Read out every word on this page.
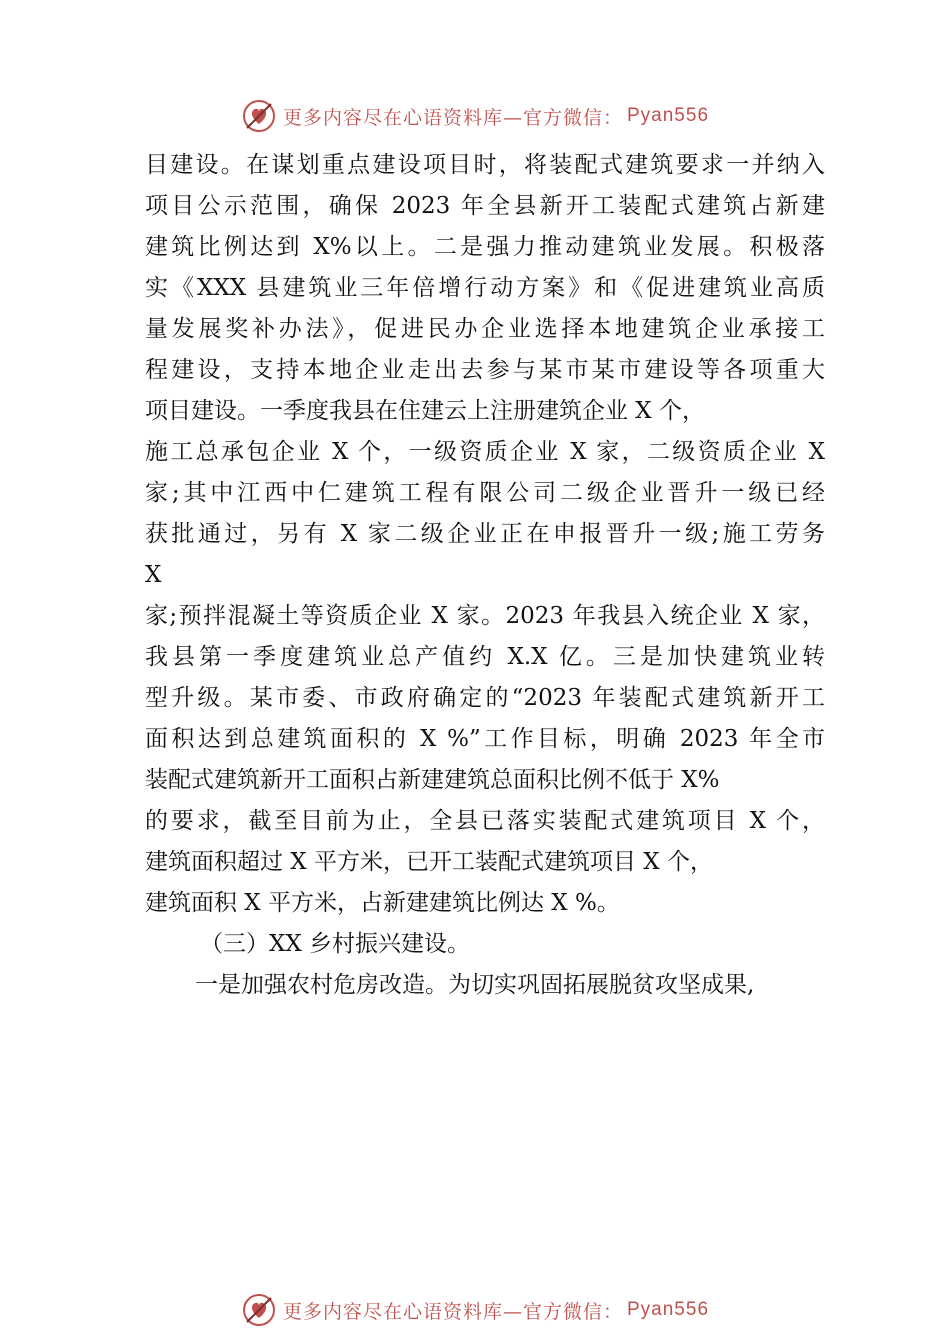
更多内容尽在心语资料库—官方微信： Pyan556
目建设。在谋划重点建设项目时，将装配式建筑要求一并纳入
项目公示范围，确保 2023 年全县新开工装配式建筑占新建
建筑比例达到 X%以上。二是强力推动建筑业发展。积极落
实《XXX 县建筑业三年倍增行动方案》和《促进建筑业高质
量发展奖补办法》，促进民办企业选择本地建筑企业承接工
程建设，支持本地企业走出去参与某市某市建设等各项重大
项目建设。一季度我县在住建云上注册建筑企业 X 个，
施工总承包企业 X 个，一级资质企业 X 家，二级资质企业 X
家;其中江西中仁建筑工程有限公司二级企业晋升一级已经
获批通过，另有 X 家二级企业正在申报晋升一级;施工劳务
X
家;预拌混凝土等资质企业 X 家。2023 年我县入统企业 X 家，
我县第一季度建筑业总产值约 X.X 亿。三是加快建筑业转
型升级。某市委、市政府确定的“2023 年装配式建筑新开工
面积达到总建筑面积的 X %”工作目标，明确 2023 年全市
装配式建筑新开工面积占新建建筑总面积比例不低于 X%
的要求，截至目前为止，全县已落实装配式建筑项目 X 个，
建筑面积超过 X 平方米，已开工装配式建筑项目 X 个，
建筑面积 X 平方米，占新建建筑比例达 X %。
（三）XX 乡村振兴建设。
一是加强农村危房改造。为切实巩固拓展脱贫攻坚成果,
更多内容尽在心语资料库—官方微信： Pyan556
